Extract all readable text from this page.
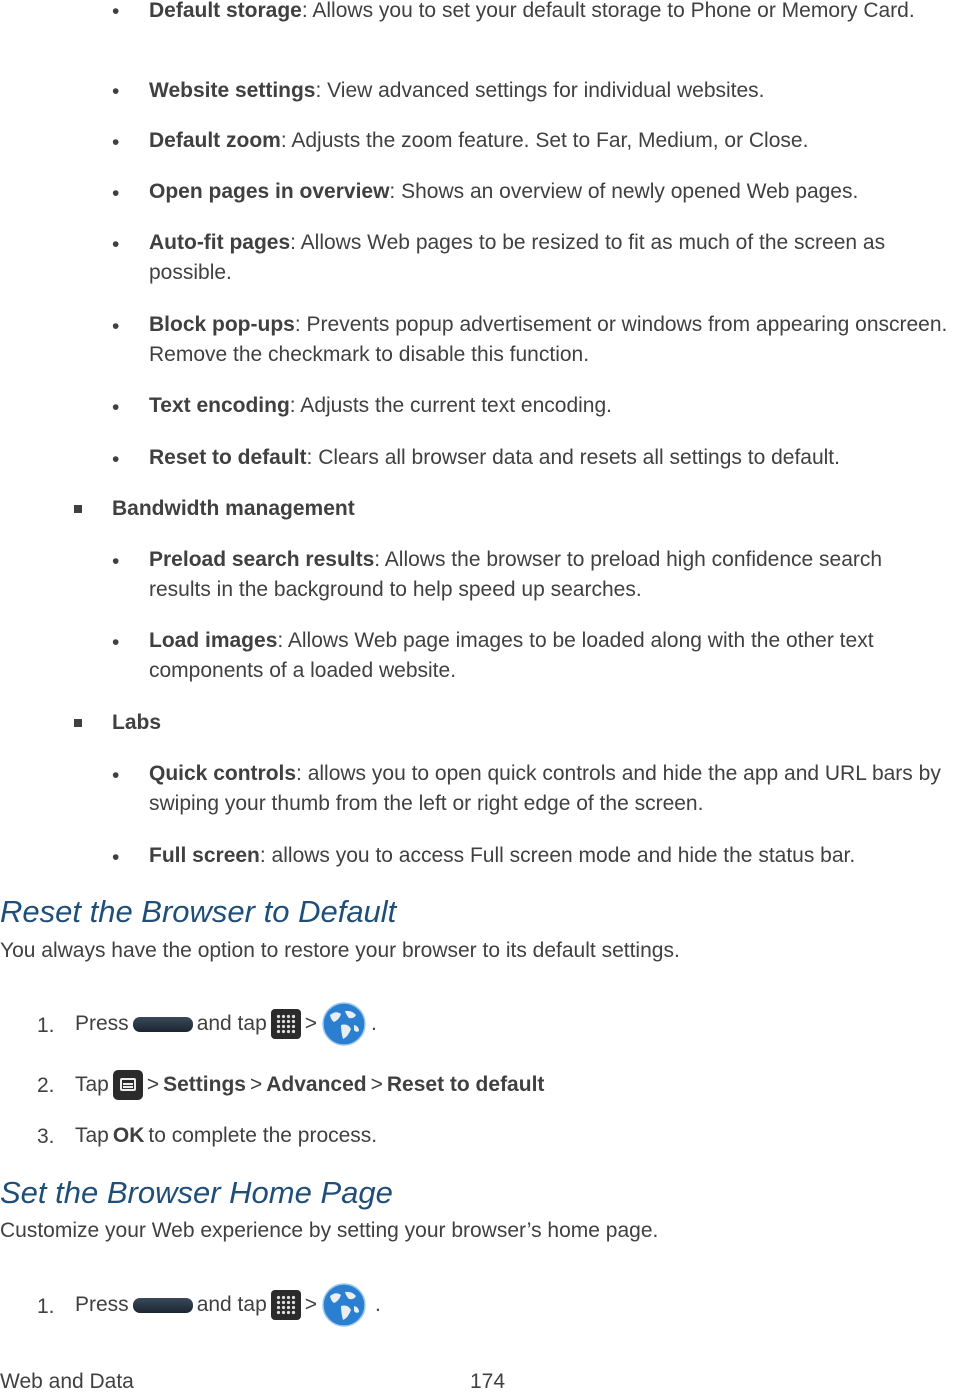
• Default storage: Allows you to set your default storage to Phone or Memory Card.
• Website settings: View advanced settings for individual websites.
• Default zoom: Adjusts the zoom feature. Set to Far, Medium, or Close.
• Open pages in overview: Shows an overview of newly opened Web pages.
• Auto-fit pages: Allows Web pages to be resized to fit as much of the screen as possible.
• Block pop-ups: Prevents popup advertisement or windows from appearing onscreen. Remove the checkmark to disable this function.
• Text encoding: Adjusts the current text encoding.
• Reset to default: Clears all browser data and resets all settings to default.
Bandwidth management
• Preload search results: Allows the browser to preload high confidence search results in the background to help speed up searches.
• Load images: Allows Web page images to be loaded along with the other text components of a loaded website.
Labs
• Quick controls: allows you to open quick controls and hide the app and URL bars by swiping your thumb from the left or right edge of the screen.
• Full screen: allows you to access Full screen mode and hide the status bar.
Reset the Browser to Default
You always have the option to restore your browser to its default settings.
1. Press	and tap >	.
2. Tap > Settings > Advanced > Reset to default
3. Tap OK to complete the process.
Set the Browser Home Page
Customize your Web experience by setting your browser’s home page.
1. Press	and tap >	.
Web and Data	174
